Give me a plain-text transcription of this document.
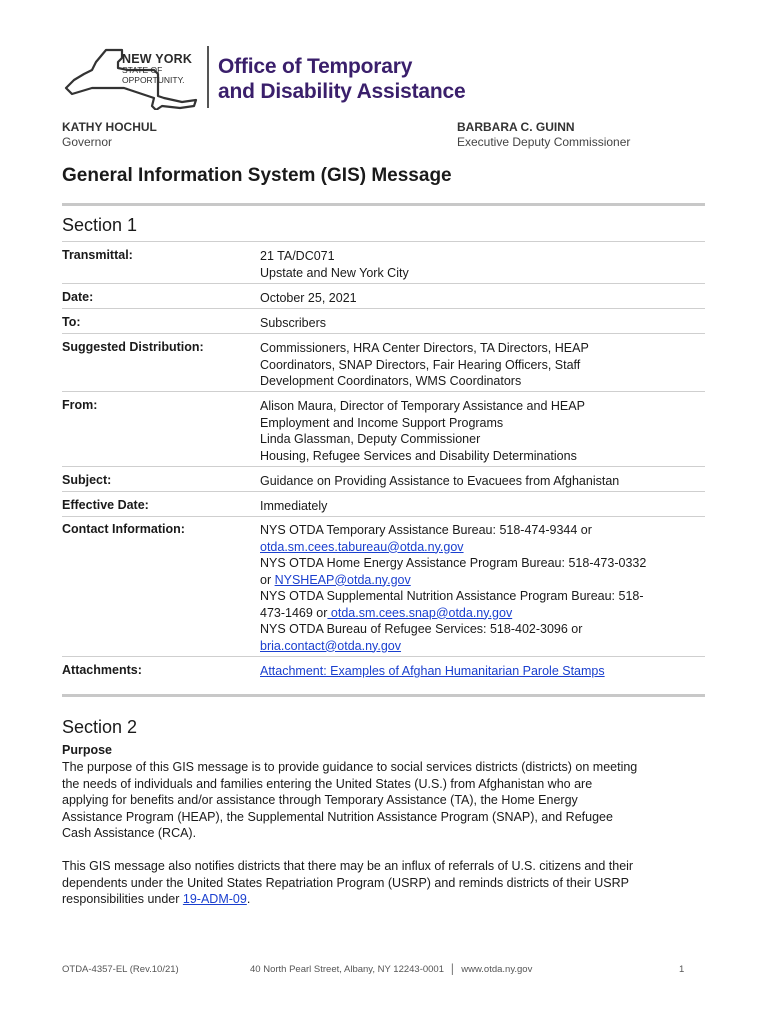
NEW YORK
STATE OF
OPPORTUNITY.
Office of Temporary
and Disability Assistance
KATHY HOCHUL
Governor
BARBARA C. GUINN
Executive Deputy Commissioner
General Information System (GIS) Message
Section 1
Transmittal:	21 TA/DC071
Upstate and New York City
Date:	October 25, 2021
To:	Subscribers
Suggested Distribution:	Commissioners, HRA Center Directors, TA Directors, HEAP
Coordinators, SNAP Directors, Fair Hearing Officers, Staff
Development Coordinators, WMS Coordinators
From:	Alison Maura, Director of Temporary Assistance and HEAP
Employment and Income Support Programs
Linda Glassman, Deputy Commissioner
Housing, Refugee Services and Disability Determinations
Subject:	Guidance on Providing Assistance to Evacuees from Afghanistan
Effective Date:	Immediately
Contact Information:	NYS OTDA Temporary Assistance Bureau: 518-474-9344 or
otda.sm.cees.tabureau@otda.ny.gov
NYS OTDA Home Energy Assistance Program Bureau: 518-473-0332
or NYSHEAP@otda.ny.gov
NYS OTDA Supplemental Nutrition Assistance Program Bureau: 518-
473-1469 or otda.sm.cees.snap@otda.ny.gov
NYS OTDA Bureau of Refugee Services: 518-402-3096 or
bria.contact@otda.ny.gov
Attachments:	Attachment: Examples of Afghan Humanitarian Parole Stamps
Section 2
Purpose
The purpose of this GIS message is to provide guidance to social services districts (districts) on meeting
the needs of individuals and families entering the United States (U.S.) from Afghanistan who are
applying for benefits and/or assistance through Temporary Assistance (TA), the Home Energy
Assistance Program (HEAP), the Supplemental Nutrition Assistance Program (SNAP), and Refugee
Cash Assistance (RCA).
This GIS message also notifies districts that there may be an influx of referrals of U.S. citizens and their
dependents under the United States Repatriation Program (USRP) and reminds districts of their USRP
responsibilities under 19-ADM-09.
OTDA-4357-EL (Rev.10/21)	40 North Pearl Street, Albany, NY 12243-0001 │ www.otda.ny.gov	1
